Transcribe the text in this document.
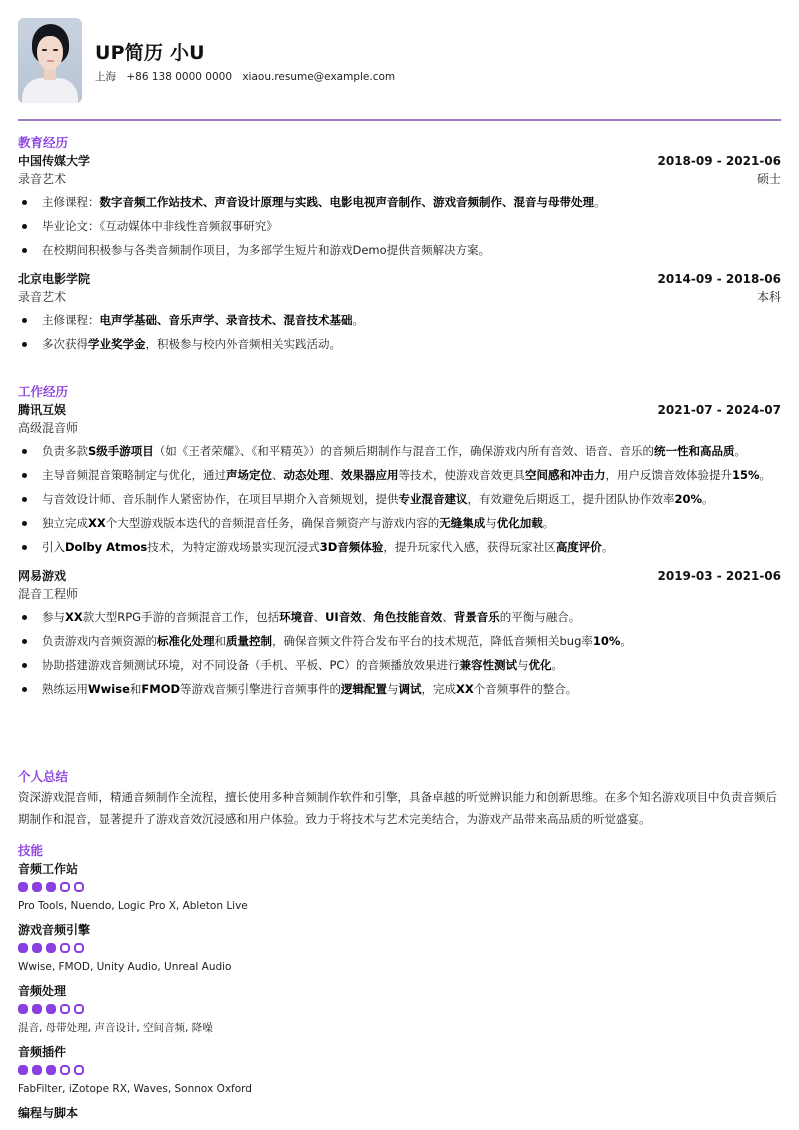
UP简历 小U
上海 +86 138 0000 0000 xiaou.resume@example.com
教育经历
中国传媒大学	2018-09 - 2021-06
录音艺术	硕士
主修课程：数字音频工作站技术、声音设计原理与实践、电影电视声音制作、游戏音频制作、混音与母带处理。
毕业论文：《互动媒体中非线性音频叙事研究》
在校期间积极参与各类音频制作项目，为多部学生短片和游戏Demo提供音频解决方案。
北京电影学院	2014-09 - 2018-06
录音艺术	本科
主修课程：电声学基础、音乐声学、录音技术、混音技术基础。
多次获得学业奖学金，积极参与校内外音频相关实践活动。
工作经历
腾讯互娱	2021-07 - 2024-07
高级混音师
负责多款S级手游项目（如《王者荣耀》、《和平精英》）的音频后期制作与混音工作，确保游戏内所有音效、语音、音乐的统一性和高品质。
主导音频混音策略制定与优化，通过声场定位、动态处理、效果器应用等技术，使游戏音效更具空间感和冲击力，用户反馈音效体验提升15%。
与音效设计师、音乐制作人紧密协作，在项目早期介入音频规划，提供专业混音建议，有效避免后期返工，提升团队协作效率20%。
独立完成XX个大型游戏版本迭代的音频混音任务，确保音频资产与游戏内容的无缝集成与优化加载。
引入Dolby Atmos技术，为特定游戏场景实现沉浸式3D音频体验，提升玩家代入感，获得玩家社区高度评价。
网易游戏	2019-03 - 2021-06
混音工程师
参与XX款大型RPG手游的音频混音工作，包括环境音、UI音效、角色技能音效、背景音乐的平衡与融合。
负责游戏内音频资源的标准化处理和质量控制，确保音频文件符合发布平台的技术规范，降低音频相关bug率10%。
协助搭建游戏音频测试环境，对不同设备（手机、平板、PC）的音频播放效果进行兼容性测试与优化。
熟练运用Wwise和FMOD等游戏音频引擎进行音频事件的逻辑配置与调试，完成XX个音频事件的整合。
个人总结
资深游戏混音师，精通音频制作全流程，擅长使用多种音频制作软件和引擎，具备卓越的听觉辨识能力和创新思维。在多个知名游戏项目中负责音频后期制作和混音，显著提升了游戏音效沉浸感和用户体验。致力于将技术与艺术完美结合，为游戏产品带来高品质的听觉盛宴。
技能
音频工作站
Pro Tools, Nuendo, Logic Pro X, Ableton Live
游戏音频引擎
Wwise, FMOD, Unity Audio, Unreal Audio
音频处理
混音, 母带处理, 声音设计, 空间音频, 降噪
音频插件
FabFilter, iZotope RX, Waves, Sonnox Oxford
编程与脚本
